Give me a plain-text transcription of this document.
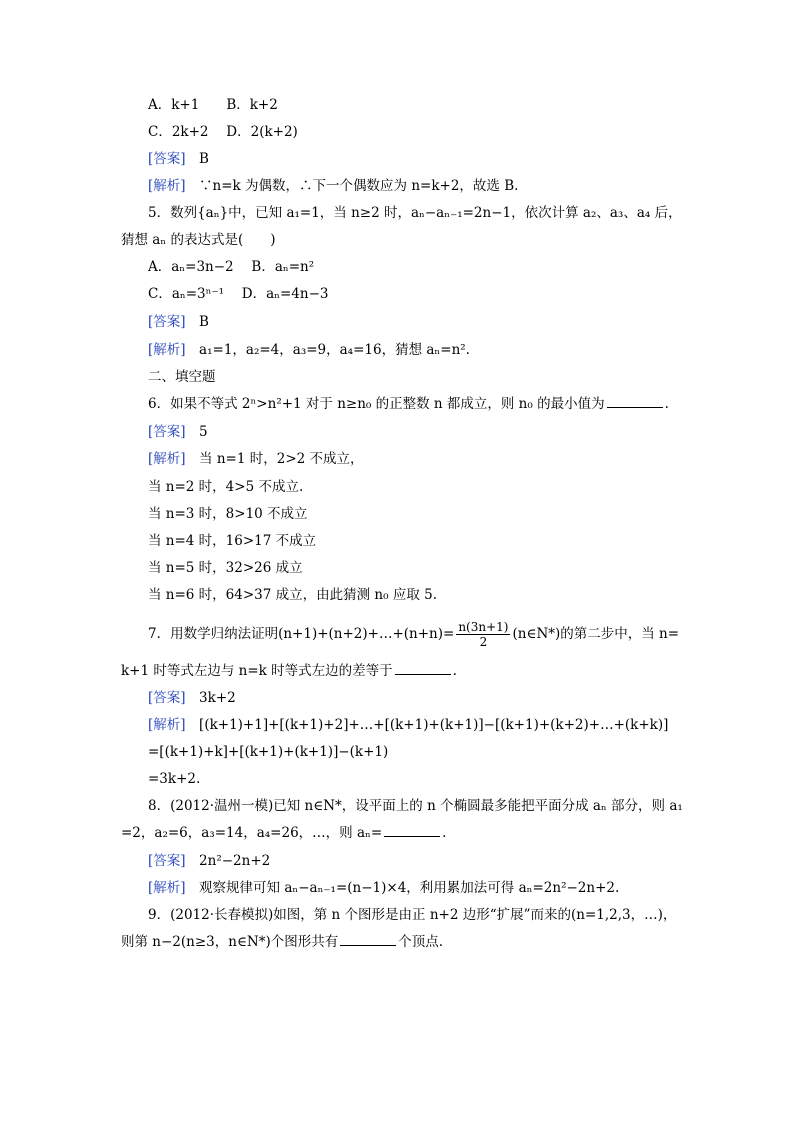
A．k+1　　B．k+2
C．2k+2　 D．2(k+2)
[答案]　 B
[解析]　 ∵n=k 为偶数，∴下一个偶数应为 n=k+2，故选 B.
5．数列{aₙ}中，已知 a₁=1，当 n≥2 时，aₙ−aₙ₋₁=2n−1，依次计算 a₂、a₃、a₄ 后，
猜想 aₙ 的表达式是(　　)
A．aₙ=3n−2　 B．aₙ=n²
C．aₙ=3ⁿ⁻¹　 D．aₙ=4n−3
[答案]　 B
[解析]　 a₁=1，a₂=4，a₃=9，a₄=16，猜想 aₙ=n².
二、填空题
6．如果不等式 2ⁿ>n²+1 对于 n≥n₀ 的正整数 n 都成立，则 n₀ 的最小值为	.
[答案]　 5
[解析]　 当 n=1 时，2>2 不成立，
当 n=2 时，4>5 不成立.
当 n=3 时，8>10 不成立
当 n=4 时，16>17 不成立
当 n=5 时，32>26 成立
当 n=6 时，64>37 成立，由此猜测 n₀ 应取 5.
7．用数学归纳法证明(n+1)+(n+2)+…+(n+n)= $\frac{n(3n+1)}{2}$ (n∈N*)的第二步中，当 n=
k+1 时等式左边与 n=k 时等式左边的差等于	.
[答案]　 3k+2
[解析]　 [(k+1)+1]+[(k+1)+2]+…+[(k+1)+(k+1)]−[(k+1)+(k+2)+…+(k+k)]
=[(k+1)+k]+[(k+1)+(k+1)]−(k+1)
=3k+2.
8．(2012·温州一模)已知 n∈N*，设平面上的 n 个椭圆最多能把平面分成 aₙ 部分，则 a₁
=2，a₂=6，a₃=14，a₄=26，…，则 aₙ=	.
[答案]　 2n²−2n+2
[解析]　 观察规律可知 aₙ−aₙ₋₁=(n−1)×4，利用累加法可得 aₙ=2n²−2n+2.
9．(2012·长春模拟)如图，第 n 个图形是由正 n+2 边形“扩展”而来的(n=1,2,3，…)，
则第 n−2(n≥3，n∈N*)个图形共有	个顶点.
